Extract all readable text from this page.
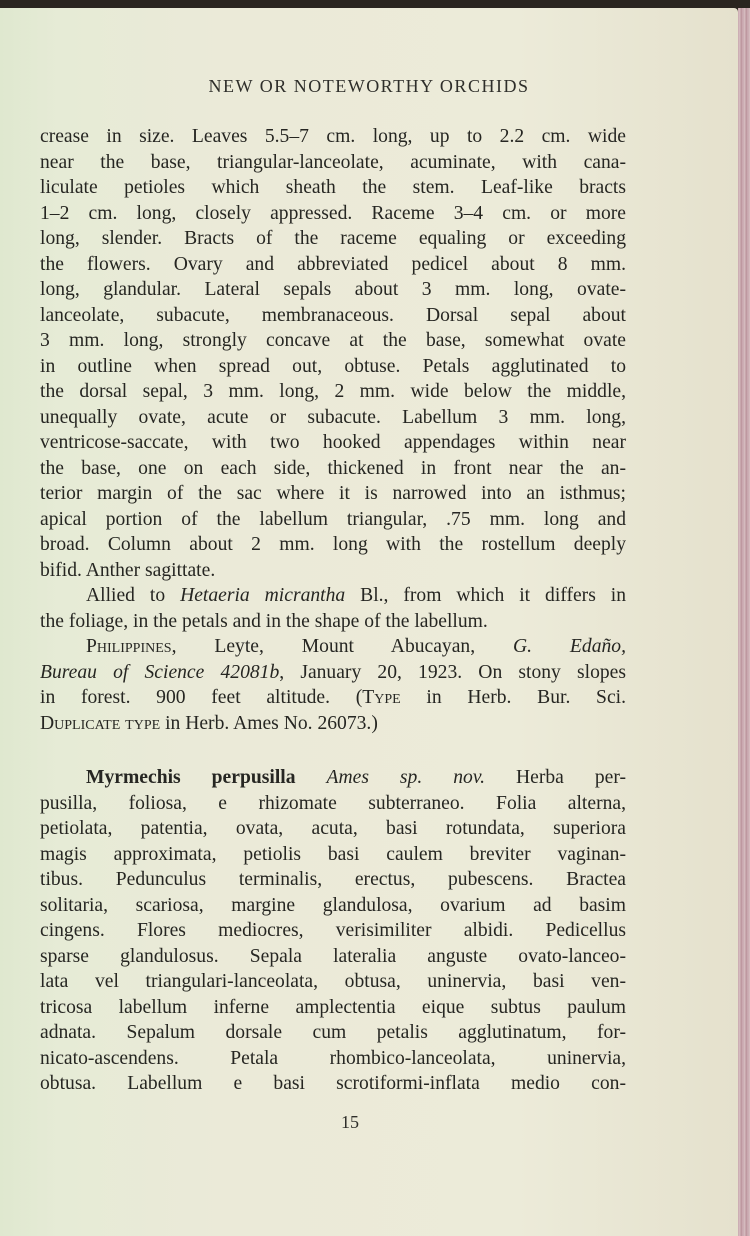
NEW OR NOTEWORTHY ORCHIDS
crease in size. Leaves 5.5–7 cm. long, up to 2.2 cm. wide
near the base, triangular-lanceolate, acuminate, with cana-
liculate petioles which sheath the stem. Leaf-like bracts
1–2 cm. long, closely appressed. Raceme 3–4 cm. or more
long, slender. Bracts of the raceme equaling or exceeding
the flowers. Ovary and abbreviated pedicel about 8 mm.
long, glandular. Lateral sepals about 3 mm. long, ovate-
lanceolate, subacute, membranaceous. Dorsal sepal about
3 mm. long, strongly concave at the base, somewhat ovate
in outline when spread out, obtuse. Petals agglutinated to
the dorsal sepal, 3 mm. long, 2 mm. wide below the middle,
unequally ovate, acute or subacute. Labellum 3 mm. long,
ventricose-saccate, with two hooked appendages within near
the base, one on each side, thickened in front near the an-
terior margin of the sac where it is narrowed into an isthmus;
apical portion of the labellum triangular, .75 mm. long and
broad. Column about 2 mm. long with the rostellum deeply
bifid. Anther sagittate.
Allied to Hetaeria micrantha Bl., from which it differs in
the foliage, in the petals and in the shape of the labellum.
Philippines, Leyte, Mount Abucayan, G. Edaño,
Bureau of Science 42081b, January 20, 1923. On stony slopes
in forest. 900 feet altitude. (Type in Herb. Bur. Sci.
Duplicate type in Herb. Ames No. 26073.)
Myrmechis perpusilla Ames sp. nov. Herba per-
pusilla, foliosa, e rhizomate subterraneo. Folia alterna,
petiolata, patentia, ovata, acuta, basi rotundata, superiora
magis approximata, petiolis basi caulem breviter vaginan-
tibus. Pedunculus terminalis, erectus, pubescens. Bractea
solitaria, scariosa, margine glandulosa, ovarium ad basim
cingens. Flores mediocres, verisimiliter albidi. Pedicellus
sparse glandulosus. Sepala lateralia anguste ovato-lanceo-
lata vel triangulari-lanceolata, obtusa, uninervia, basi ven-
tricosa labellum inferne amplectentia eique subtus paulum
adnata. Sepalum dorsale cum petalis agglutinatum, for-
nicato-ascendens. Petala rhombico-lanceolata, uninervia,
obtusa. Labellum e basi scrotiformi-inflata medio con-
15
